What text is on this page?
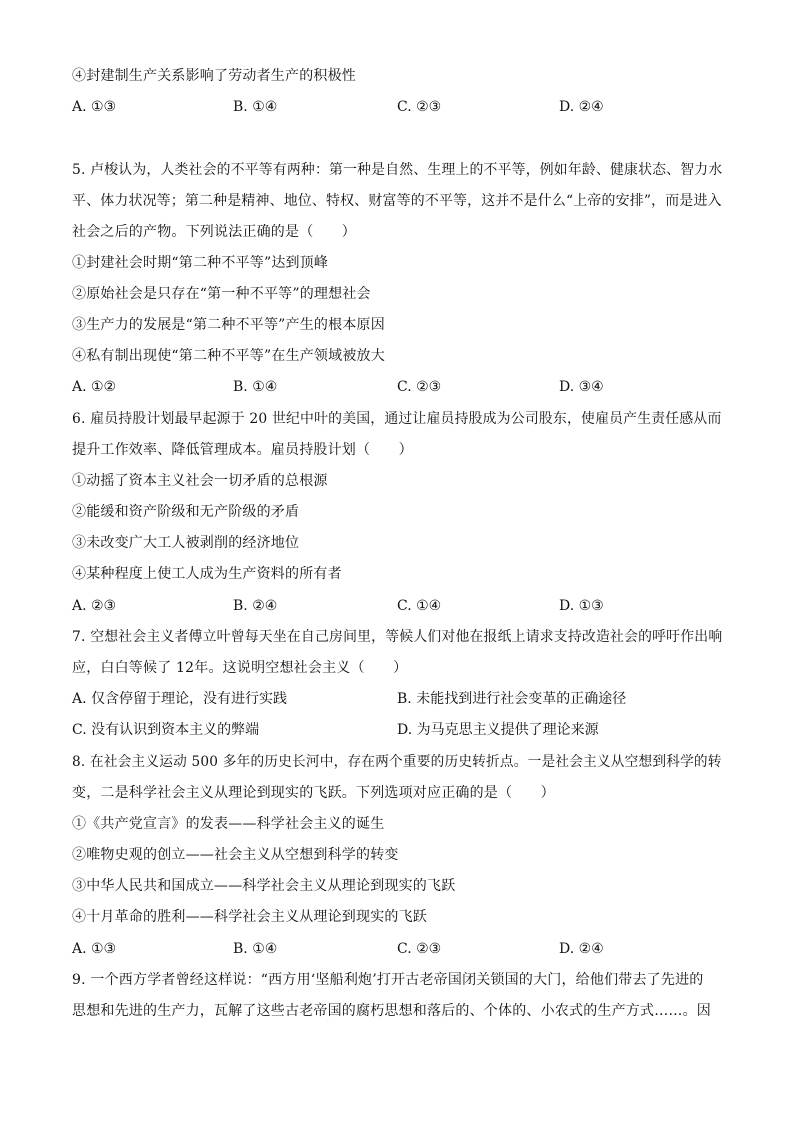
④封建制生产关系影响了劳动者生产的积极性
A. ①③	B. ①④	C. ②③	D. ②④
5. 卢梭认为，人类社会的不平等有两种：第一种是自然、生理上的不平等，例如年龄、健康状态、智力水
平、体力状况等；第二种是精神、地位、特权、财富等的不平等，这并不是什么“上帝的安排”，而是进入
社会之后的产物。下列说法正确的是（　　）
①封建社会时期“第二种不平等”达到顶峰
②原始社会是只存在“第一种不平等”的理想社会
③生产力的发展是“第二种不平等”产生的根本原因
④私有制出现使“第二种不平等”在生产领域被放大
A. ①②	B. ①④	C. ②③	D. ③④
6. 雇员持股计划最早起源于 20 世纪中叶的美国，通过让雇员持股成为公司股东，使雇员产生责任感从而
提升工作效率、降低管理成本。雇员持股计划（　　）
①动摇了资本主义社会一切矛盾的总根源
②能缓和资产阶级和无产阶级的矛盾
③未改变广大工人被剥削的经济地位
④某种程度上使工人成为生产资料的所有者
A. ②③	B. ②④	C. ①④	D. ①③
7. 空想社会主义者傅立叶曾每天坐在自己房间里，等候人们对他在报纸上请求支持改造社会的呼吁作出响
应，白白等候了 12年。这说明空想社会主义（　　）
A. 仅含停留于理论，没有进行实践	B. 未能找到进行社会变革的正确途径
C. 没有认识到资本主义的弊端	D. 为马克思主义提供了理论来源
8. 在社会主义运动 500 多年的历史长河中，存在两个重要的历史转折点。一是社会主义从空想到科学的转
变，二是科学社会主义从理论到现实的飞跃。下列选项对应正确的是（　　）
①《共产党宣言》的发表——科学社会主义的诞生
②唯物史观的创立——社会主义从空想到科学的转变
③中华人民共和国成立——科学社会主义从理论到现实的飞跃
④十月革命的胜利——科学社会主义从理论到现实的飞跃
A. ①③	B. ①④	C. ②③	D. ②④
9. 一个西方学者曾经这样说：“西方用‘坚船利炮’打开古老帝国闭关锁国的大门，给他们带去了先进的
思想和先进的生产力，瓦解了这些古老帝国的腐朽思想和落后的、个体的、小农式的生产方式……。因
